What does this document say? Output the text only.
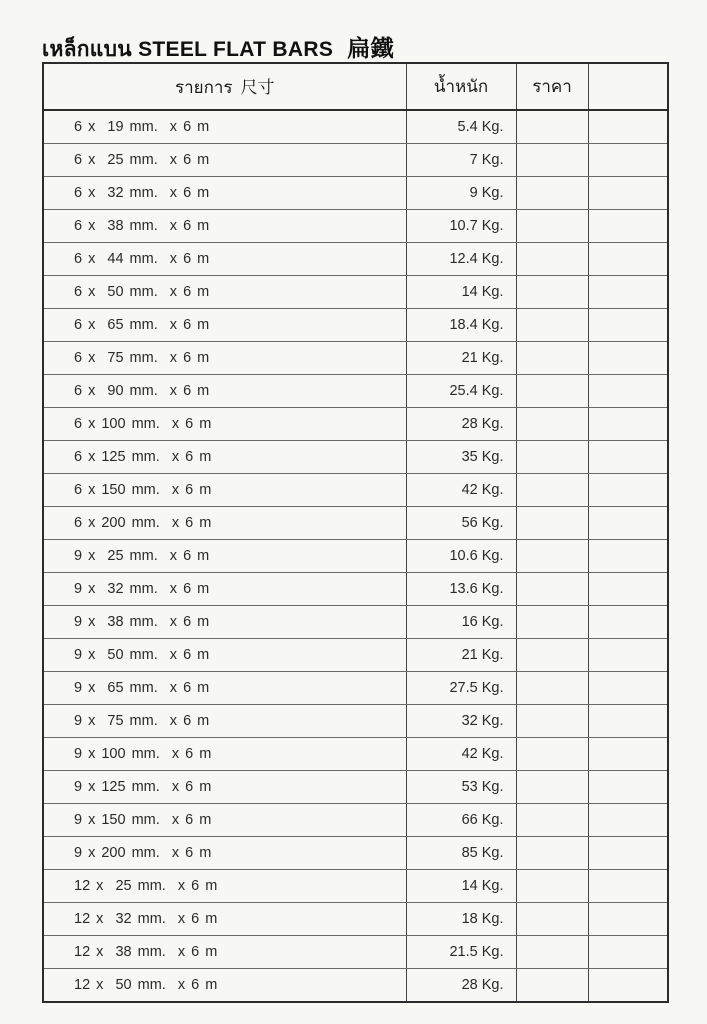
เหล็กแบน STEEL FLAT BARS 扁鐵
รายการ 尺寸	น้ำหนัก	ราคา	
6 x  19 mm.  x 6 m	5.4 Kg.		
6 x  25 mm.  x 6 m	7 Kg.		
6 x  32 mm.  x 6 m	9 Kg.		
6 x  38 mm.  x 6 m	10.7 Kg.		
6 x  44 mm.  x 6 m	12.4 Kg.		
6 x  50 mm.  x 6 m	14 Kg.		
6 x  65 mm.  x 6 m	18.4 Kg.		
6 x  75 mm.  x 6 m	21 Kg.		
6 x  90 mm.  x 6 m	25.4 Kg.		
6 x 100 mm.  x 6 m	28 Kg.		
6 x 125 mm.  x 6 m	35 Kg.		
6 x 150 mm.  x 6 m	42 Kg.		
6 x 200 mm.  x 6 m	56 Kg.		
9 x  25 mm.  x 6 m	10.6 Kg.		
9 x  32 mm.  x 6 m	13.6 Kg.		
9 x  38 mm.  x 6 m	16 Kg.		
9 x  50 mm.  x 6 m	21 Kg.		
9 x  65 mm.  x 6 m	27.5 Kg.		
9 x  75 mm.  x 6 m	32 Kg.		
9 x 100 mm.  x 6 m	42 Kg.		
9 x 125 mm.  x 6 m	53 Kg.		
9 x 150 mm.  x 6 m	66 Kg.		
9 x 200 mm.  x 6 m	85 Kg.		
12 x  25 mm.  x 6 m	14 Kg.		
12 x  32 mm.  x 6 m	18 Kg.		
12 x  38 mm.  x 6 m	21.5 Kg.		
12 x  50 mm.  x 6 m	28 Kg.		
